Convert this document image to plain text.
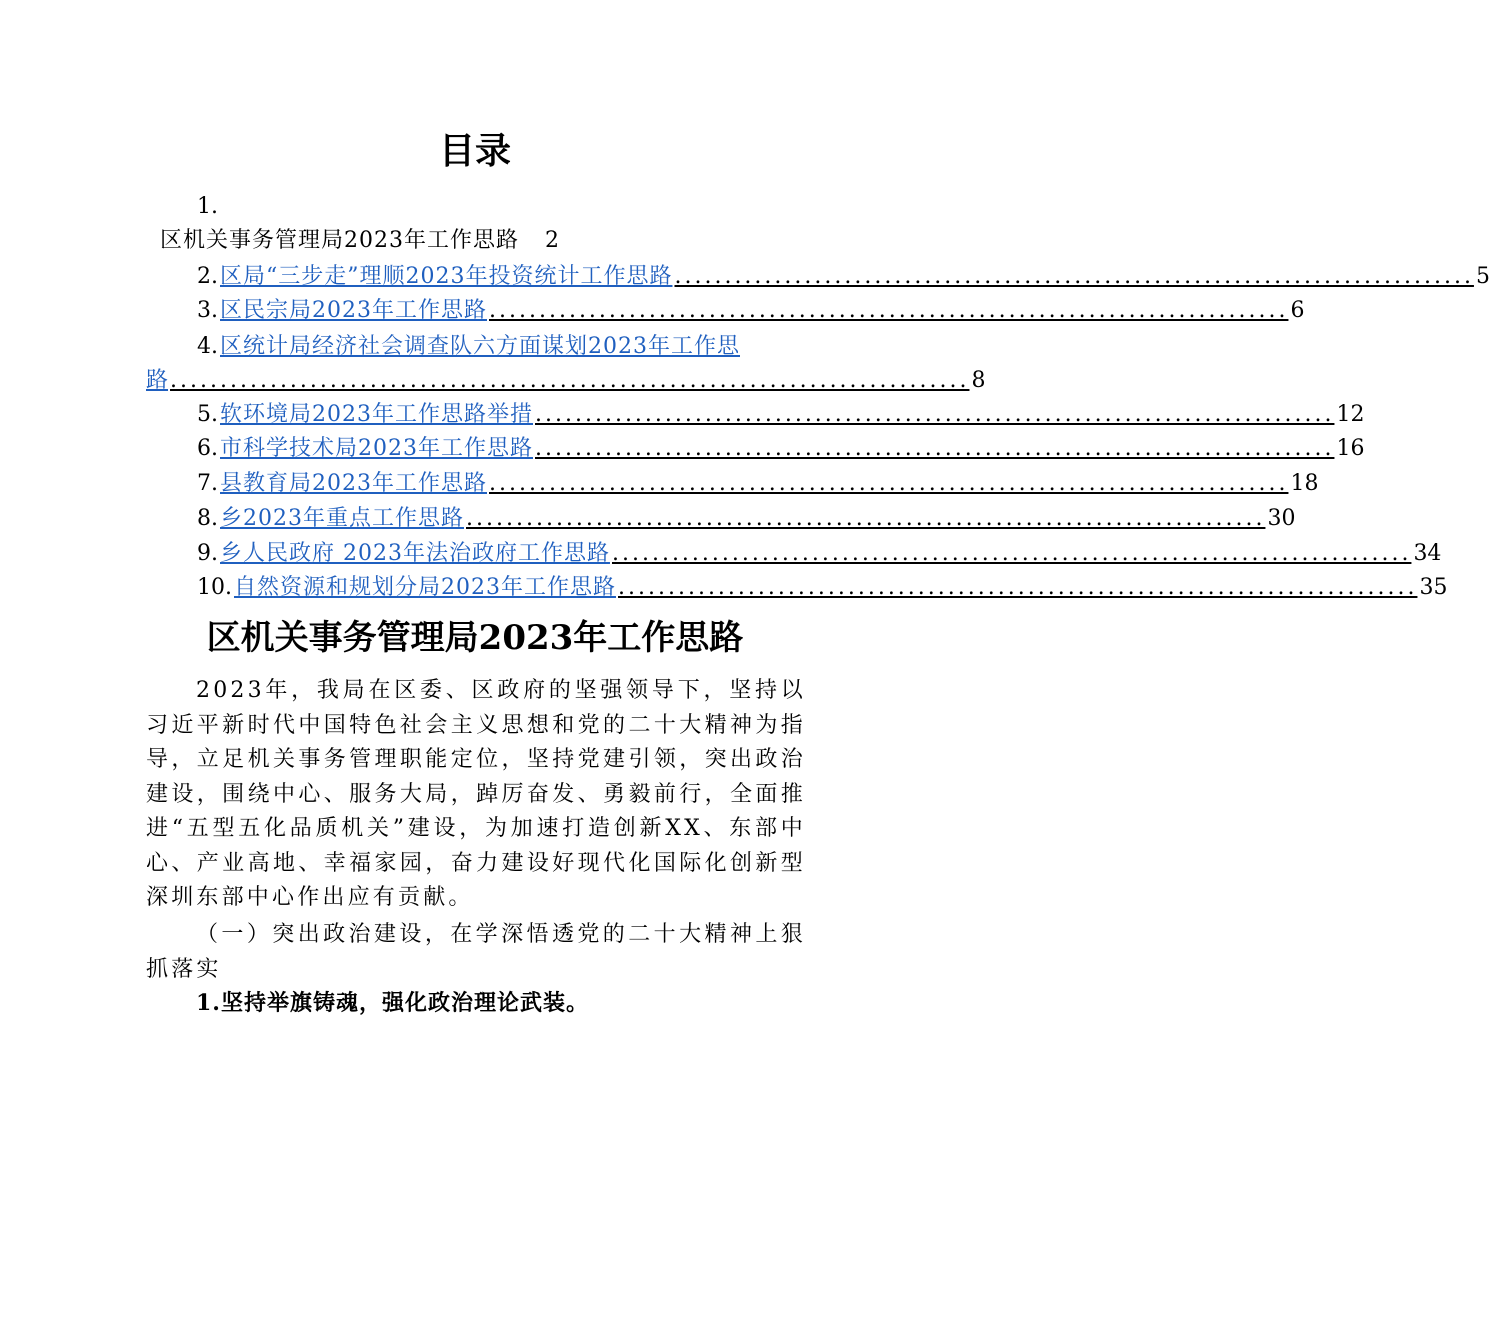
目录
1.
区机关事务管理局2023年工作思路 2
2. 区局“三步走”理顺2023年投资统计工作思路 ................................................................................ 5
3. 区民宗局2023年工作思路 ................................................................................ 6
4. 区统计局经济社会调查队六方面谋划2023年工作思
路 ................................................................................ 8
5. 软环境局2023年工作思路举措 ................................................................................ 12
6. 市科学技术局2023年工作思路 ................................................................................ 16
7. 县教育局2023年工作思路 ................................................................................ 18
8. 乡2023年重点工作思路 ................................................................................ 30
9. 乡人民政府 2023年法治政府工作思路 ................................................................................ 34
10. 自然资源和规划分局2023年工作思路 ................................................................................ 35
区机关事务管理局2023年工作思路
2023年，我局在区委、区政府的坚强领导下，坚持以习近平新时代中国特色社会主义思想和党的二十大精神为指导，立足机关事务管理职能定位，坚持党建引领，突出政治建设，围绕中心、服务大局，踔厉奋发、勇毅前行，全面推进“五型五化品质机关”建设，为加速打造创新XX、东部中心、产业高地、幸福家园，奋力建设好现代化国际化创新型深圳东部中心作出应有贡献。
（一）突出政治建设，在学深悟透党的二十大精神上狠抓落实
1.坚持举旗铸魂，强化政治理论武装。
